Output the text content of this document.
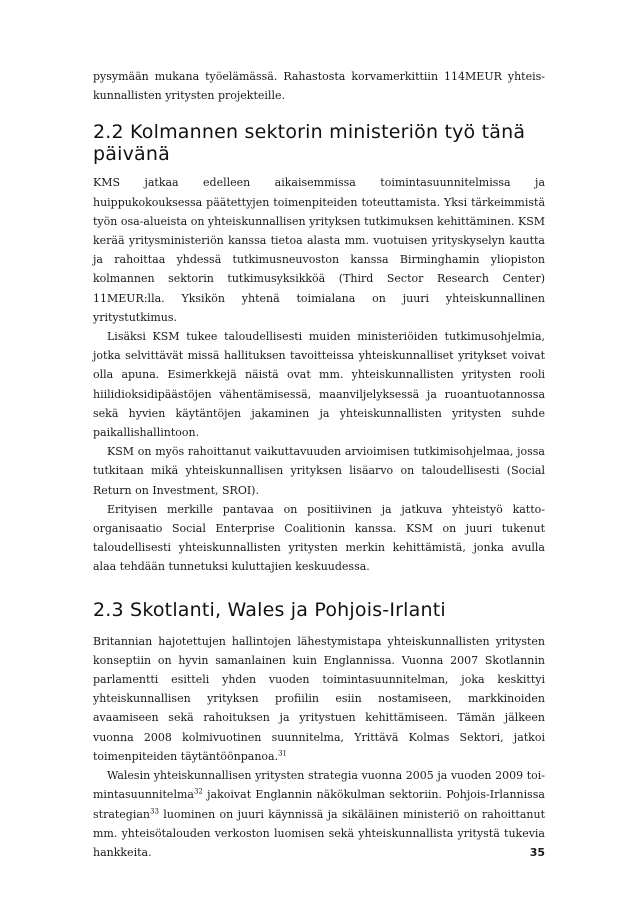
pysymään mukana työelämässä. Rahastosta korvamerkittiin 114MEUR yhteiskunnallisten yritysten projekteille.

2.2 Kolmannen sektorin ministeriön työ tänä päivänä

KMS jatkaa edelleen aikaisemmissa toimintasuunnitelmissa ja huippukokouksessa päätettyjen toimenpiteiden toteuttamista. Yksi tärkeimmistä työn osa-alueista on yhteiskunnallisen yrityksen tutkimuksen kehittäminen. KSM kerää yritysministeriön kanssa tietoa alasta mm. vuotuisen yrityskyselyn kautta ja rahoittaa yhdessä tutkimusneuvoston kanssa Birminghamin yliopiston kolmannen sektorin tutkimusyksikköä (Third Sector Research Center) 11MEUR:lla. Yksikön yhtenä toimialana on juuri yhteiskunnallinen yritystutkimus.

Lisäksi KSM tukee taloudellisesti muiden ministeriöiden tutkimusohjelmia, jotka selvittävät missä hallituksen tavoitteissa yhteiskunnalliset yritykset voivat olla apuna. Esimerkkejä näistä ovat mm. yhteiskunnallisten yritysten rooli hiilidioksidipäästöjen vähentämisessä, maanviljelyksessä ja ruoantuotannossa sekä hyvien käytäntöjen jakaminen ja yhteiskunnallisten yritysten suhde paikallishallintoon.

KSM on myös rahoittanut vaikuttavuuden arvioimisen tutkimisohjelmaa, jossa tutkitaan mikä yhteiskunnallisen yrityksen lisäarvo on taloudellisesti (Social Return on Investment, SROI).

Erityisen merkille pantavaa on positiivinen ja jatkuva yhteistyö katto-organisaatio Social Enterprise Coalitionin kanssa. KSM on juuri tukenut taloudellisesti yhteiskunnallisten yritysten merkin kehittämistä, jonka avulla alaa tehdään tunnetuksi kuluttajien keskuudessa.

2.3 Skotlanti, Wales ja Pohjois-Irlanti

Britannian hajotettujen hallintojen lähestymistapa yhteiskunnallisten yritysten konseptiin on hyvin samanlainen kuin Englannissa. Vuonna 2007 Skotlannin parlamentti esitteli yhden vuoden toimintasuunnitelman, joka keskittyi yhteiskunnallisen yrityksen profiilin esiin nostamiseen, markkinoiden avaamiseen sekä rahoituksen ja yritystuen kehittämiseen. Tämän jälkeen vuonna 2008 kolmivuotinen suunnitelma, Yrittävä Kolmas Sektori, jatkoi toimenpiteiden täytäntöönpanoa.$^{31}$

Walesin yhteiskunnallisen yritysten strategia vuonna 2005 ja vuoden 2009 toimintasuunnitelma$^{32}$ jakoivat Englannin näkökulman sektoriin. Pohjois-Irlannissa strategian$^{33}$ luominen on juuri käynnissä ja sikäläinen ministeriö on rahoittanut mm. yhteisötalouden verkoston luomisen sekä yhteiskunnallista yritystä tukevia hankkeita.	35
